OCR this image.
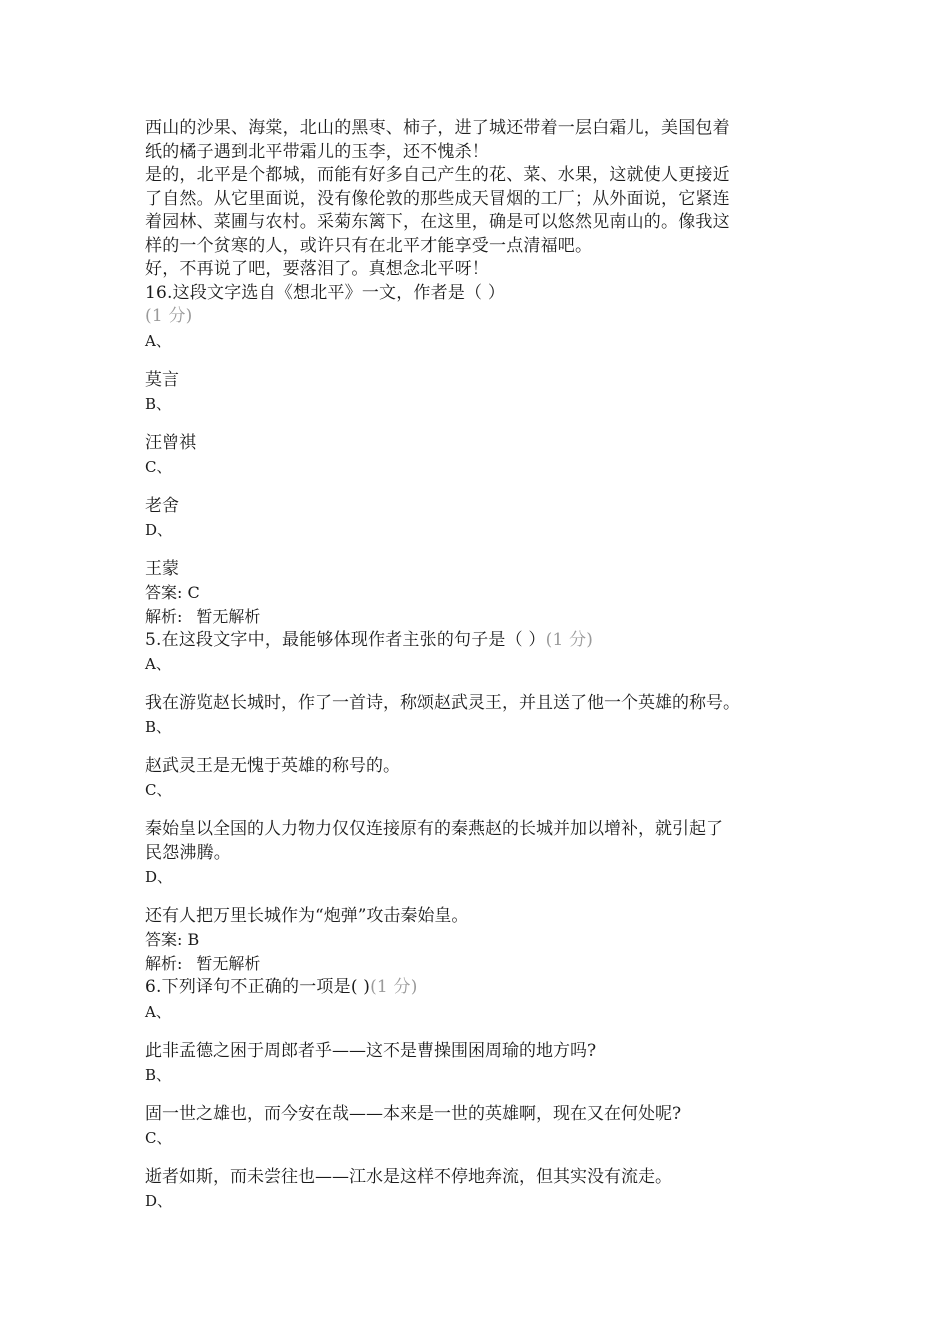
西山的沙果、海棠，北山的黑枣、柿子，进了城还带着一层白霜儿，美国包着
纸的橘子遇到北平带霜儿的玉李，还不愧杀！
是的，北平是个都城，而能有好多自己产生的花、菜、水果，这就使人更接近
了自然。从它里面说，没有像伦敦的那些成天冒烟的工厂；从外面说，它紧连
着园林、菜圃与农村。采菊东篱下，在这里，确是可以悠然见南山的。像我这
样的一个贫寒的人，或许只有在北平才能享受一点清福吧。
好，不再说了吧，要落泪了。真想念北平呀！
16.这段文字选自《想北平》一文，作者是（ ）
(1 分)
A、
莫言
B、
汪曾祺
C、
老舍
D、
王蒙
答案: C
解析: 暂无解析
5.在这段文字中，最能够体现作者主张的句子是（ ）(1 分)
A、
我在游览赵长城时，作了一首诗，称颂赵武灵王，并且送了他一个英雄的称号。
B、
赵武灵王是无愧于英雄的称号的。
C、
秦始皇以全国的人力物力仅仅连接原有的秦燕赵的长城并加以增补，就引起了
民怨沸腾。
D、
还有人把万里长城作为“炮弹”攻击秦始皇。
答案: B
解析: 暂无解析
6.下列译句不正确的一项是( )(1 分)
A、
此非孟德之困于周郎者乎——这不是曹操围困周瑜的地方吗?
B、
固一世之雄也，而今安在哉——本来是一世的英雄啊，现在又在何处呢?
C、
逝者如斯，而未尝往也——江水是这样不停地奔流，但其实没有流走。
D、
